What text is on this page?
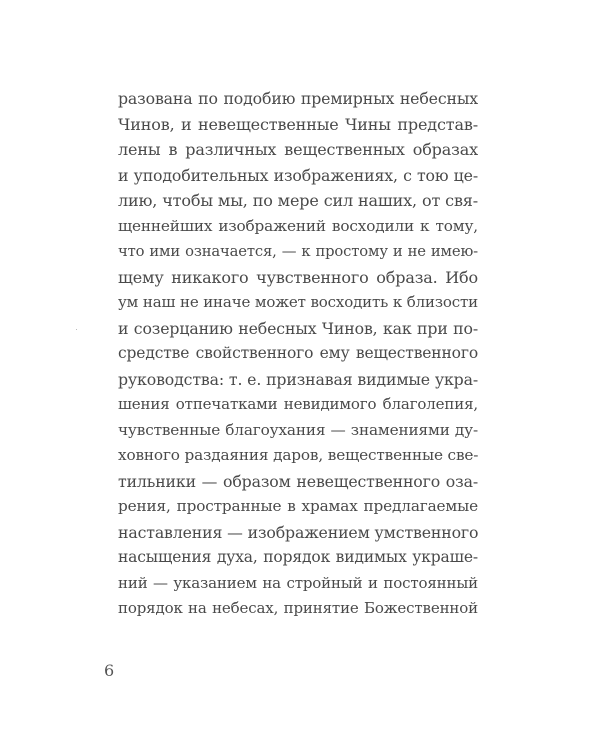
разована по подобию премирных небесных
Чинов, и невещественные Чины представ-
лены в различных вещественных образах
и уподобительных изображениях, с тою це-
лию, чтобы мы, по мере сил наших, от свя-
щеннейших изображений восходили к тому,
что ими означается, — к простому и не имею-
щему никакого чувственного образа. Ибо
ум наш не иначе может восходить к близости
и созерцанию небесных Чинов, как при по-
средстве свойственного ему вещественного
руководства: т. е. признавая видимые укра-
шения отпечатками невидимого благолепия,
чувственные благоухания — знамениями ду-
ховного раздаяния даров, вещественные све-
тильники — образом невещественного оза-
рения, пространные в храмах предлагаемые
наставления — изображением умственного
насыщения духа, порядок видимых украше-
ний — указанием на стройный и постоянный
порядок на небесах, принятие Божественной
6
